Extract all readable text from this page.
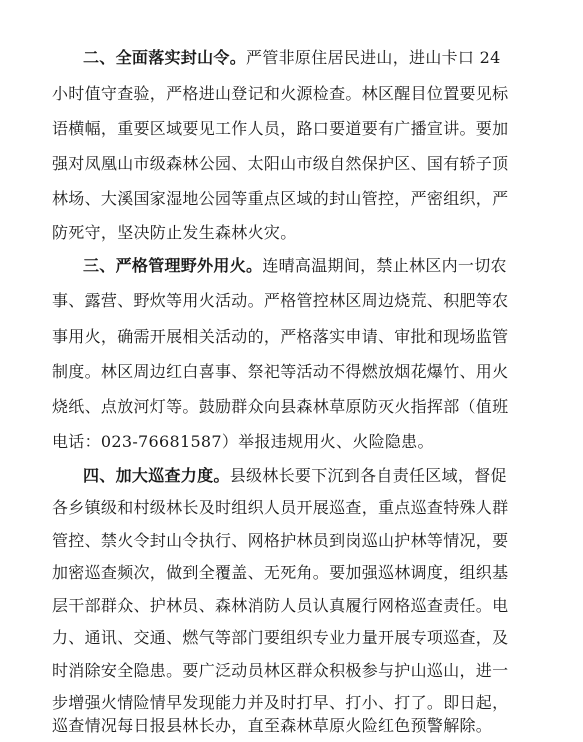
二、全面落实封山令。严管非原住居民进山，进山卡口 24
小时值守查验，严格进山登记和火源检查。林区醒目位置要见标
语横幅，重要区域要见工作人员，路口要道要有广播宣讲。要加
强对凤凰山市级森林公园、太阳山市级自然保护区、国有轿子顶
林场、大溪国家湿地公园等重点区域的封山管控，严密组织，严
防死守，坚决防止发生森林火灾。
三、严格管理野外用火。连晴高温期间，禁止林区内一切农
事、露营、野炊等用火活动。严格管控林区周边烧荒、积肥等农
事用火，确需开展相关活动的，严格落实申请、审批和现场监管
制度。林区周边红白喜事、祭祀等活动不得燃放烟花爆竹、用火
烧纸、点放河灯等。鼓励群众向县森林草原防灭火指挥部（值班
电话：023-76681587）举报违规用火、火险隐患。
四、加大巡查力度。县级林长要下沉到各自责任区域，督促
各乡镇级和村级林长及时组织人员开展巡查，重点巡查特殊人群
管控、禁火令封山令执行、网格护林员到岗巡山护林等情况，要
加密巡查频次，做到全覆盖、无死角。要加强巡林调度，组织基
层干部群众、护林员、森林消防人员认真履行网格巡查责任。电
力、通讯、交通、燃气等部门要组织专业力量开展专项巡查，及
时消除安全隐患。要广泛动员林区群众积极参与护山巡山，进一
步增强火情险情早发现能力并及时打早、打小、打了。即日起，
巡查情况每日报县林长办，直至森林草原火险红色预警解除。
